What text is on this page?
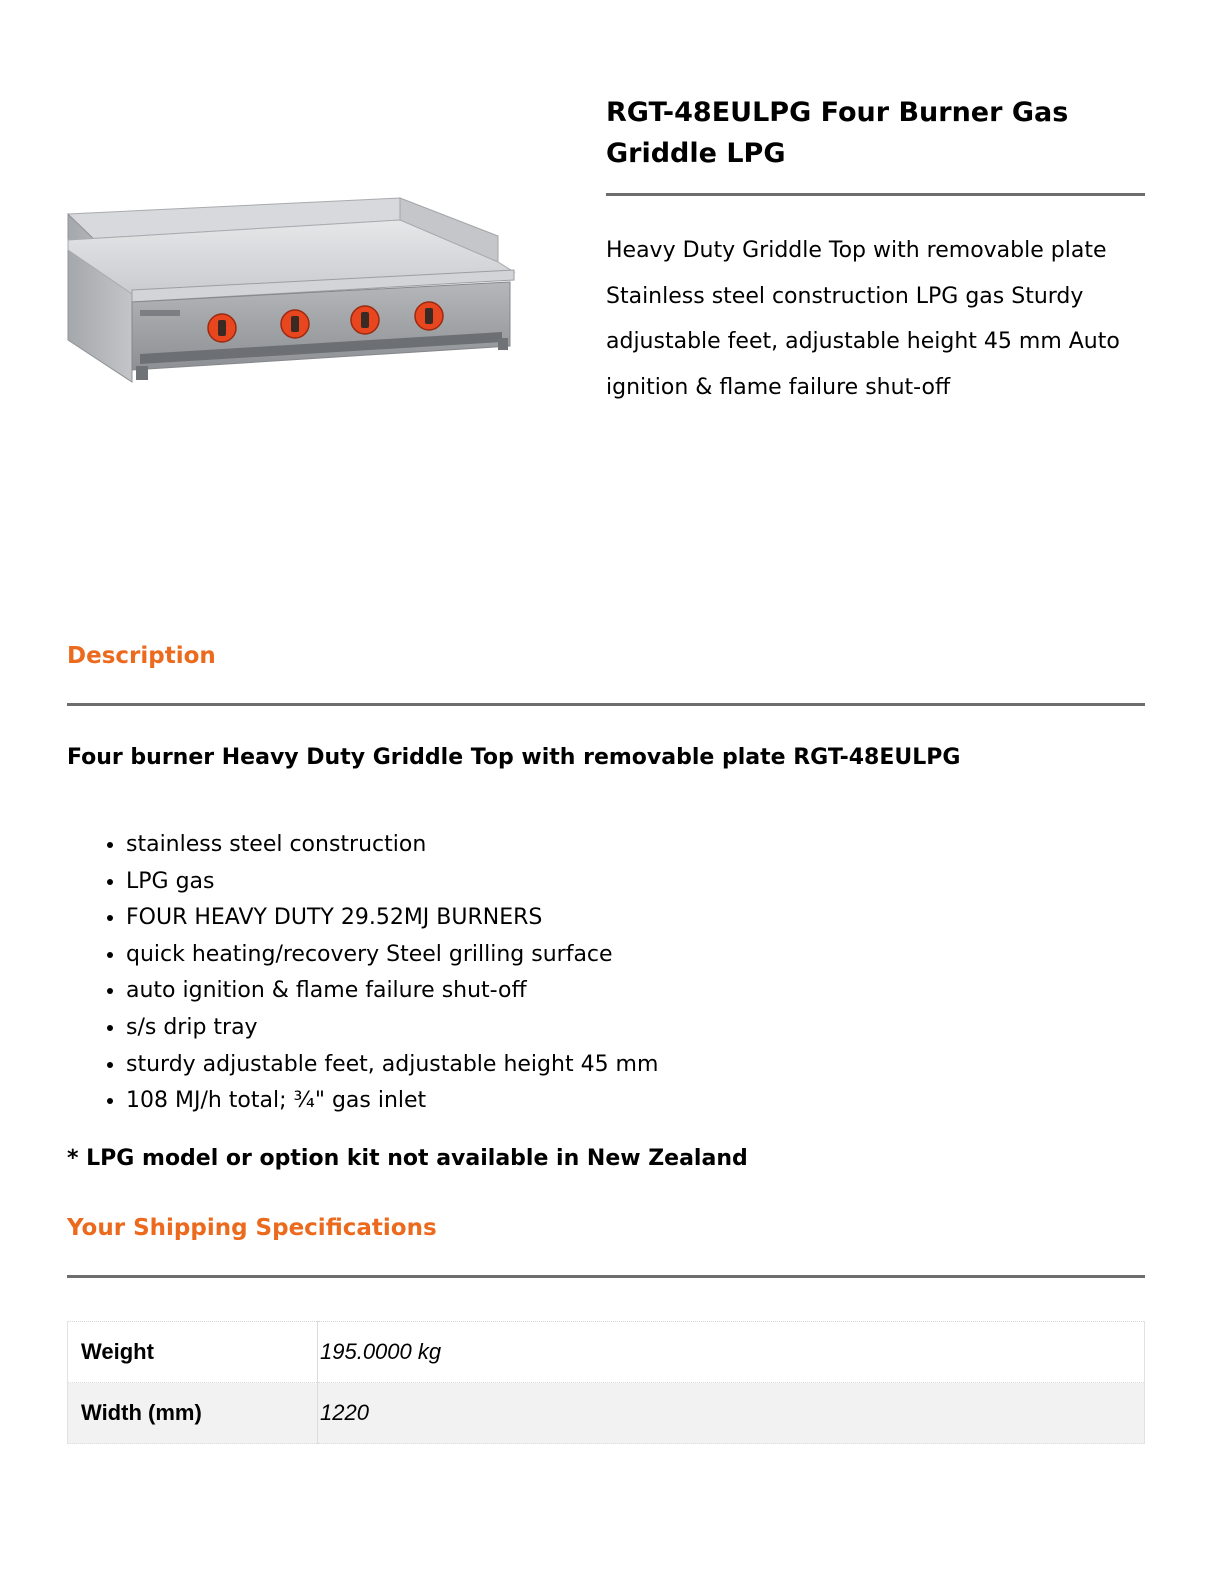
RGT-48EULPG Four Burner Gas Griddle LPG

Heavy Duty Griddle Top with removable plate Stainless steel construction LPG gas Sturdy adjustable feet, adjustable height 45 mm Auto ignition & flame failure shut-off

Description
Four burner Heavy Duty Griddle Top with removable plate RGT-48EULPG
• stainless steel construction
• LPG gas
• FOUR HEAVY DUTY 29.52MJ BURNERS
• quick heating/recovery Steel grilling surface
• auto ignition & flame failure shut-off
• s/s drip tray
• sturdy adjustable feet, adjustable height 45 mm
• 108 MJ/h total; ¾" gas inlet

* LPG model or option kit not available in New Zealand

Your Shipping Specifications
Weight	195.0000 kg
Width (mm)	1220
